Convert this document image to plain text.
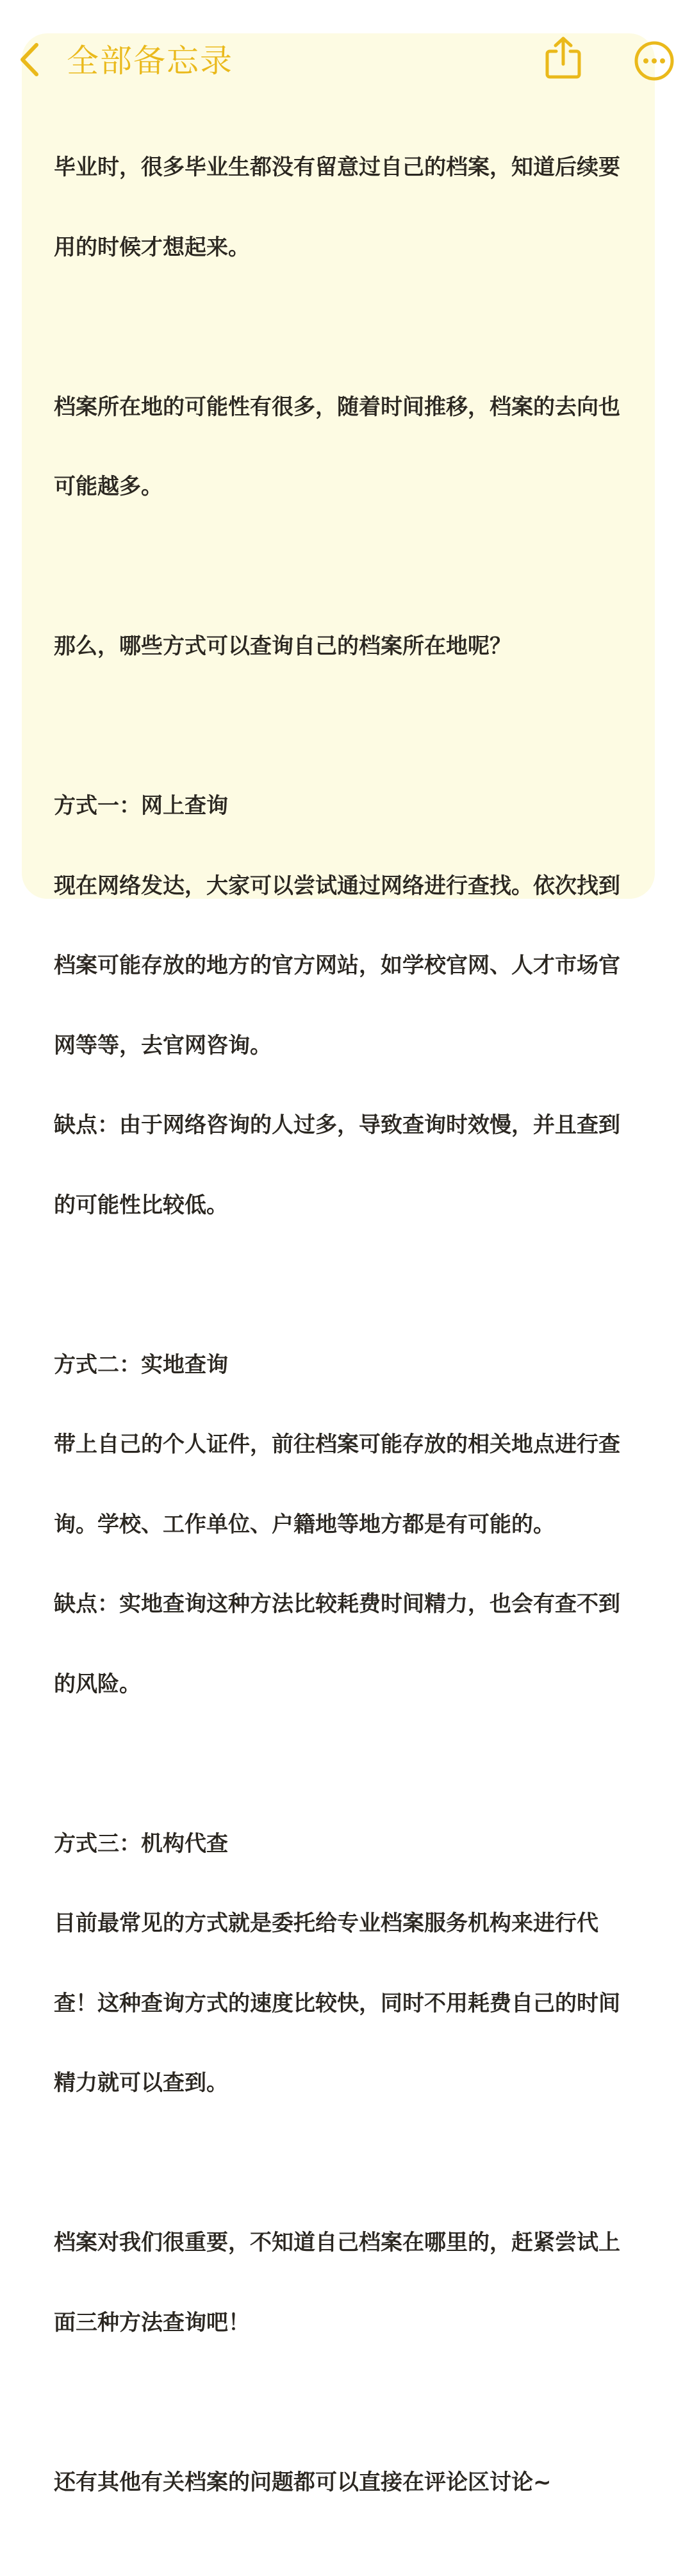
全部备忘录

毕业时，很多毕业生都没有留意过自己的档案，知道后续要

用的时候才想起来。

档案所在地的可能性有很多，随着时间推移，档案的去向也

可能越多。

那么，哪些方式可以查询自己的档案所在地呢？

方式一：网上查询

现在网络发达，大家可以尝试通过网络进行查找。依次找到

档案可能存放的地方的官方网站，如学校官网、人才市场官

网等等，去官网咨询。

缺点：由于网络咨询的人过多，导致查询时效慢，并且查到

的可能性比较低。

方式二：实地查询

带上自己的个人证件，前往档案可能存放的相关地点进行查

询。学校、工作单位、户籍地等地方都是有可能的。

缺点：实地查询这种方法比较耗费时间精力，也会有查不到

的风险。

方式三：机构代查

目前最常见的方式就是委托给专业档案服务机构来进行代

查！这种查询方式的速度比较快，同时不用耗费自己的时间

精力就可以查到。

档案对我们很重要，不知道自己档案在哪里的，赶紧尝试上

面三种方法查询吧！

还有其他有关档案的问题都可以直接在评论区讨论~
